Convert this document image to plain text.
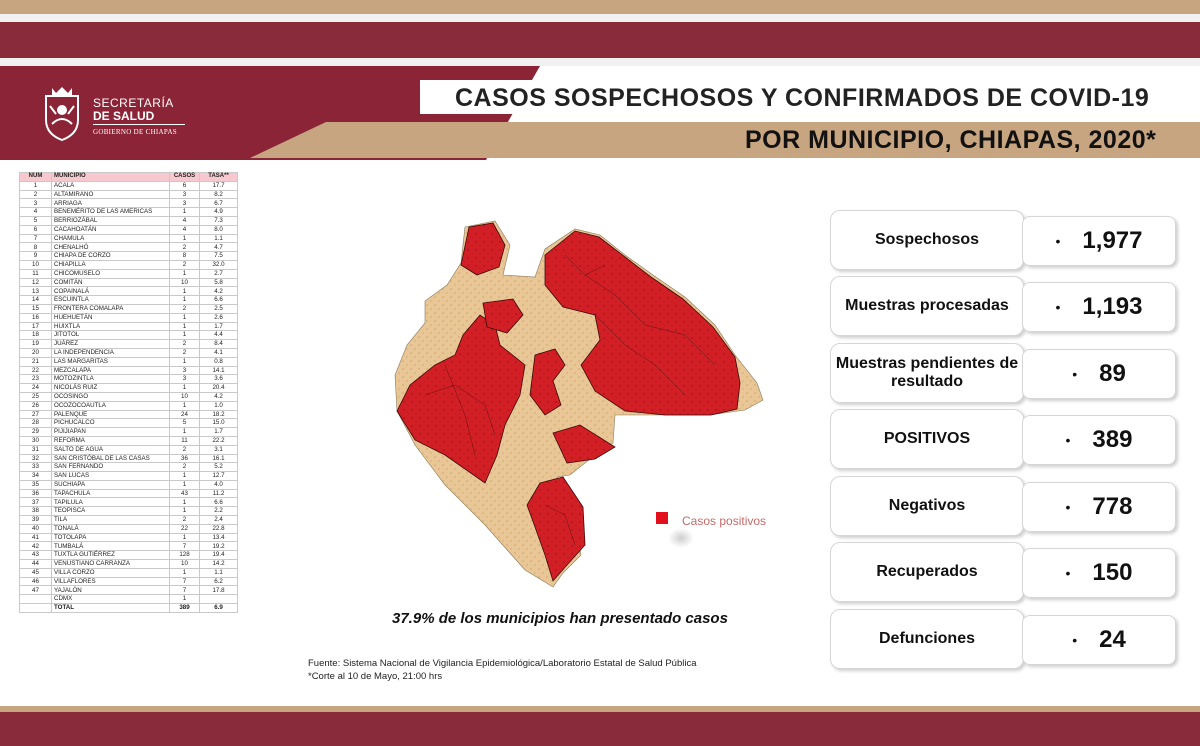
SECRETARÍA
DE SALUD
GOBIERNO DE CHIAPAS
CASOS SOSPECHOSOS Y CONFIRMADOS DE COVID-19
POR MUNICIPIO, CHIAPAS, 2020*
NUM	MUNICIPIO	CASOS	TASA**
1	ACALA	6	17.7
2	ALTAMIRANO	3	8.2
3	ARRIAGA	3	6.7
4	BENEMÉRITO DE LAS AMERICAS	1	4.9
5	BERRIOZÁBAL	4	7.3
6	CACAHOATÁN	4	8.0
7	CHAMULA	1	1.1
8	CHENALHÓ	2	4.7
9	CHIAPA DE CORZO	8	7.5
10	CHIAPILLA	2	32.0
11	CHICOMUSELO	1	2.7
12	COMITÁN	10	5.8
13	COPAINALÁ	1	4.2
14	ESCUINTLA	1	6.6
15	FRONTERA COMALAPA	2	2.5
16	HUEHUETÁN	1	2.6
17	HUIXTLA	1	1.7
18	JITOTOL	1	4.4
19	JUÁREZ	2	8.4
20	LA INDEPENDENCIA	2	4.1
21	LAS MARGARITAS	1	0.8
22	MEZCALAPA	3	14.1
23	MOTOZINTLA	3	3.6
24	NICOLÁS RUIZ	1	20.4
25	OCOSINGO	10	4.2
26	OCOZOCOAUTLA	1	1.0
27	PALENQUE	24	18.2
28	PICHUCALCO	5	15.0
29	PIJIJIAPAN	1	1.7
30	REFORMA	11	22.2
31	SALTO DE AGUA	2	3.1
32	SAN CRISTÓBAL DE LAS CASAS	36	16.1
33	SAN FERNANDO	2	5.2
34	SAN LUCAS	1	12.7
35	SUCHIAPA	1	4.0
36	TAPACHULA	43	11.2
37	TAPILULA	1	6.6
38	TEOPISCA	1	2.2
39	TILA	2	2.4
40	TONALÁ	22	22.8
41	TOTOLAPA	1	13.4
42	TUMBALÁ	7	19.2
43	TUXTLA GUTIÉRREZ	128	19.4
44	VENUSTIANO CARRANZA	10	14.2
45	VILLA CORZO	1	1.1
46	VILLAFLORES	7	6.2
47	YAJALÓN	7	17.8
	CDMX	1	
	TOTAL	389	6.9
Casos positivos
37.9% de los municipios han presentado casos
Fuente: Sistema Nacional de Vigilancia Epidemiológica/Laboratorio Estatal de Salud Pública
*Corte al 10 de Mayo, 21:00 hrs
Sospechosos	• 1,977
Muestras procesadas	• 1,193
Muestras pendientes de resultado	• 89
POSITIVOS	• 389
Negativos	• 778
Recuperados	• 150
Defunciones	• 24
